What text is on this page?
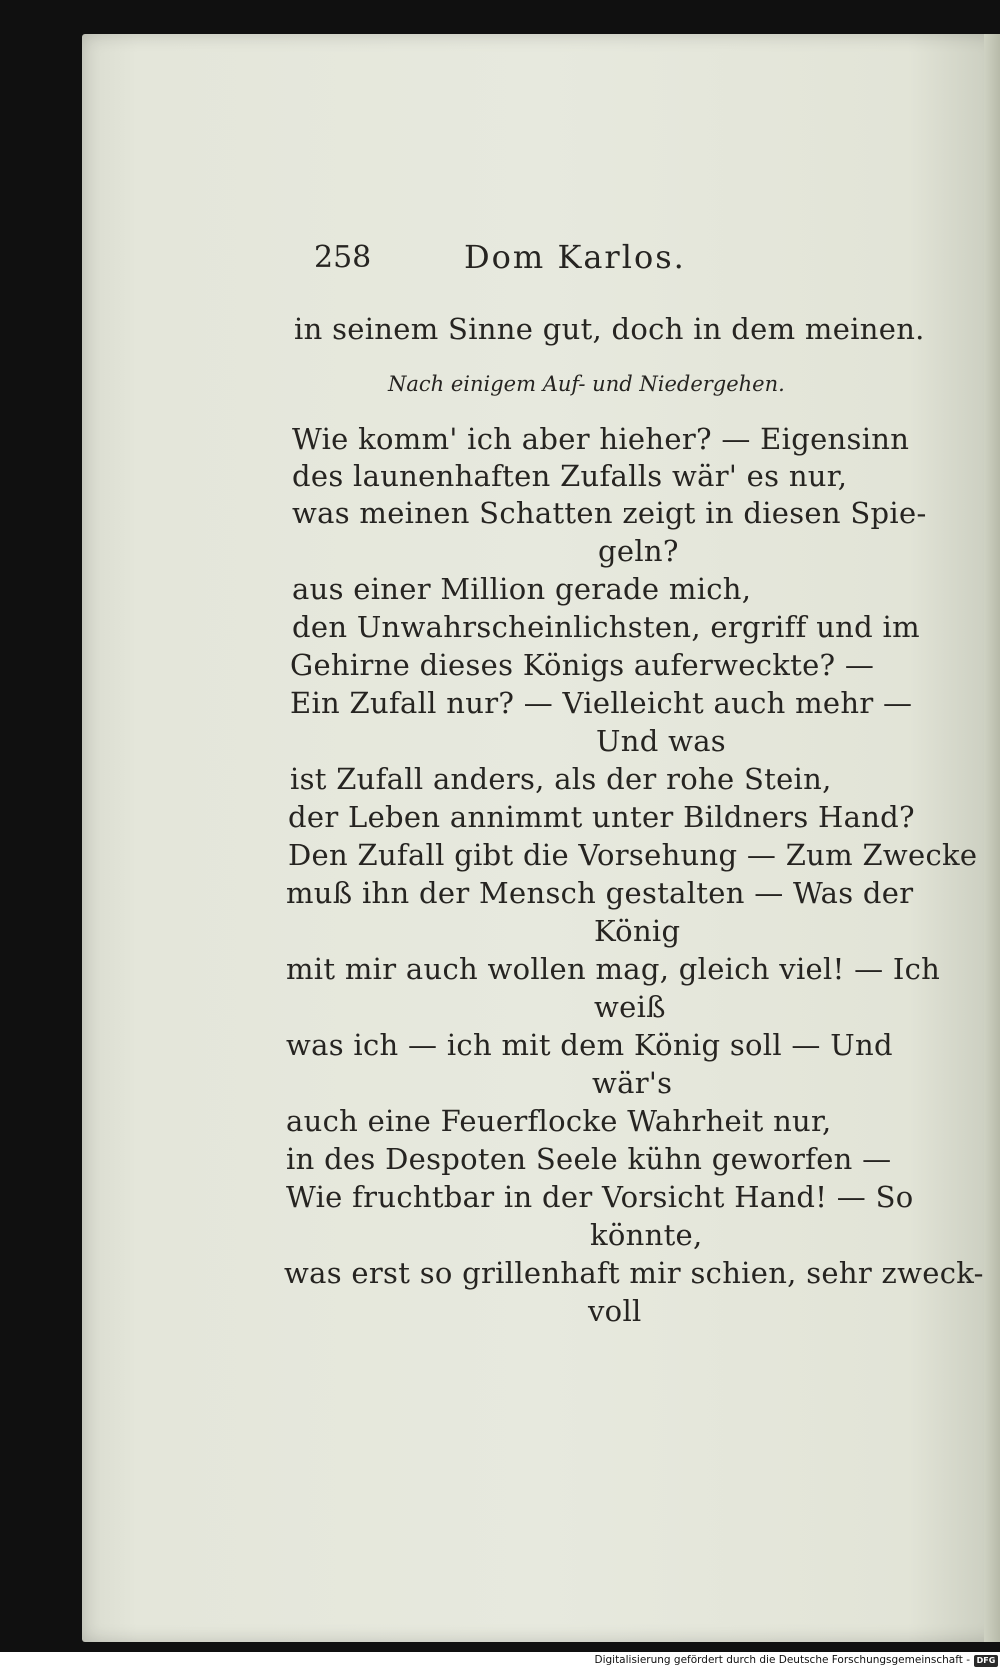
258	Dom Karlos.
in seinem Sinne gut, doch in dem meinen.
Nach einigem Auf- und Niedergehen.
Wie komm' ich aber hieher? — Eigensinn
des launenhaften Zufalls wär' es nur,
was meinen Schatten zeigt in diesen Spie-
geln?
aus einer Million gerade mich,
den Unwahrscheinlichsten, ergriff und im
Gehirne dieses Königs auferweckte? —
Ein Zufall nur? — Vielleicht auch mehr —
Und was
ist Zufall anders, als der rohe Stein,
der Leben annimmt unter Bildners Hand?
Den Zufall gibt die Vorsehung — Zum Zwecke
muß ihn der Mensch gestalten — Was der
König
mit mir auch wollen mag, gleich viel! — Ich
weiß
was ich — ich mit dem König soll — Und
wär's
auch eine Feuerflocke Wahrheit nur,
in des Despoten Seele kühn geworfen —
Wie fruchtbar in der Vorsicht Hand! — So
könnte,
was erst so grillenhaft mir schien, sehr zweck-
voll
Digitalisierung gefördert durch die Deutsche Forschungsgemeinschaft - DFG
